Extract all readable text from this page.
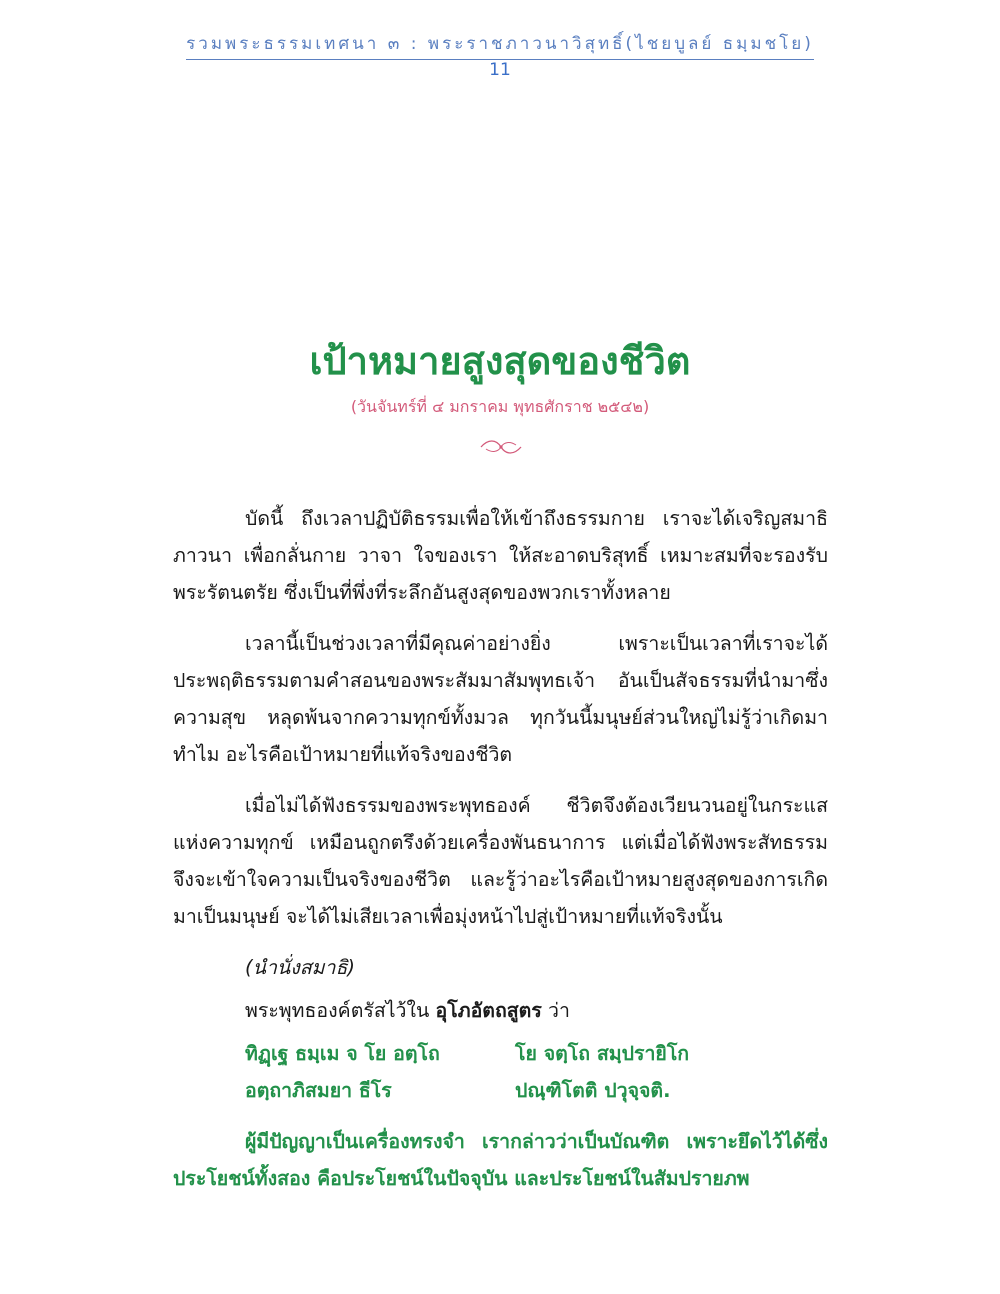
รวมพระธรรมเทศนา ๓ : พระราชภาวนาวิสุทธิ์(ไชยบูลย์ ธมฺมชโย)
11
เป้าหมายสูงสุดของชีวิต
(วันจันทร์ที่ ๔ มกราคม พุทธศักราช ๒๕๔๒)

บัดนี้ ถึงเวลาปฏิบัติธรรมเพื่อให้เข้าถึงธรรมกาย เราจะได้เจริญสมาธิภาวนา เพื่อกลั่นกาย วาจา ใจของเรา ให้สะอาดบริสุทธิ์ เหมาะสมที่จะรองรับพระรัตนตรัย ซึ่งเป็นที่พึ่งที่ระลึกอันสูงสุดของพวกเราทั้งหลาย

เวลานี้เป็นช่วงเวลาที่มีคุณค่าอย่างยิ่ง เพราะเป็นเวลาที่เราจะได้ประพฤติธรรมตามคำสอนของพระสัมมาสัมพุทธเจ้า อันเป็นสัจธรรมที่นำมาซึ่งความสุข หลุดพ้นจากความทุกข์ทั้งมวล ทุกวันนี้มนุษย์ส่วนใหญ่ไม่รู้ว่าเกิดมาทำไม อะไรคือเป้าหมายที่แท้จริงของชีวิต

เมื่อไม่ได้ฟังธรรมของพระพุทธองค์ ชีวิตจึงต้องเวียนวนอยู่ในกระแสแห่งความทุกข์ เหมือนถูกตรึงด้วยเครื่องพันธนาการ แต่เมื่อได้ฟังพระสัทธรรมจึงจะเข้าใจความเป็นจริงของชีวิต และรู้ว่าอะไรคือเป้าหมายสูงสุดของการเกิดมาเป็นมนุษย์ จะได้ไม่เสียเวลาเพื่อมุ่งหน้าไปสู่เป้าหมายที่แท้จริงนั้น

(นำนั่งสมาธิ)
พระพุทธองค์ตรัสไว้ใน อุโภอัตถสูตร ว่า
ทิฏฺเฐ ธมฺเม จ โย อตฺโถ	โย จตฺโถ สมฺปรายิโก
อตฺถาภิสมยา ธีโร	ปณฺฑิโตติ ปวุจฺจติ.

ผู้มีปัญญาเป็นเครื่องทรงจำ เรากล่าวว่าเป็นบัณฑิต เพราะยึดไว้ได้ซึ่งประโยชน์ทั้งสอง คือประโยชน์ในปัจจุบัน และประโยชน์ในสัมปรายภพ
